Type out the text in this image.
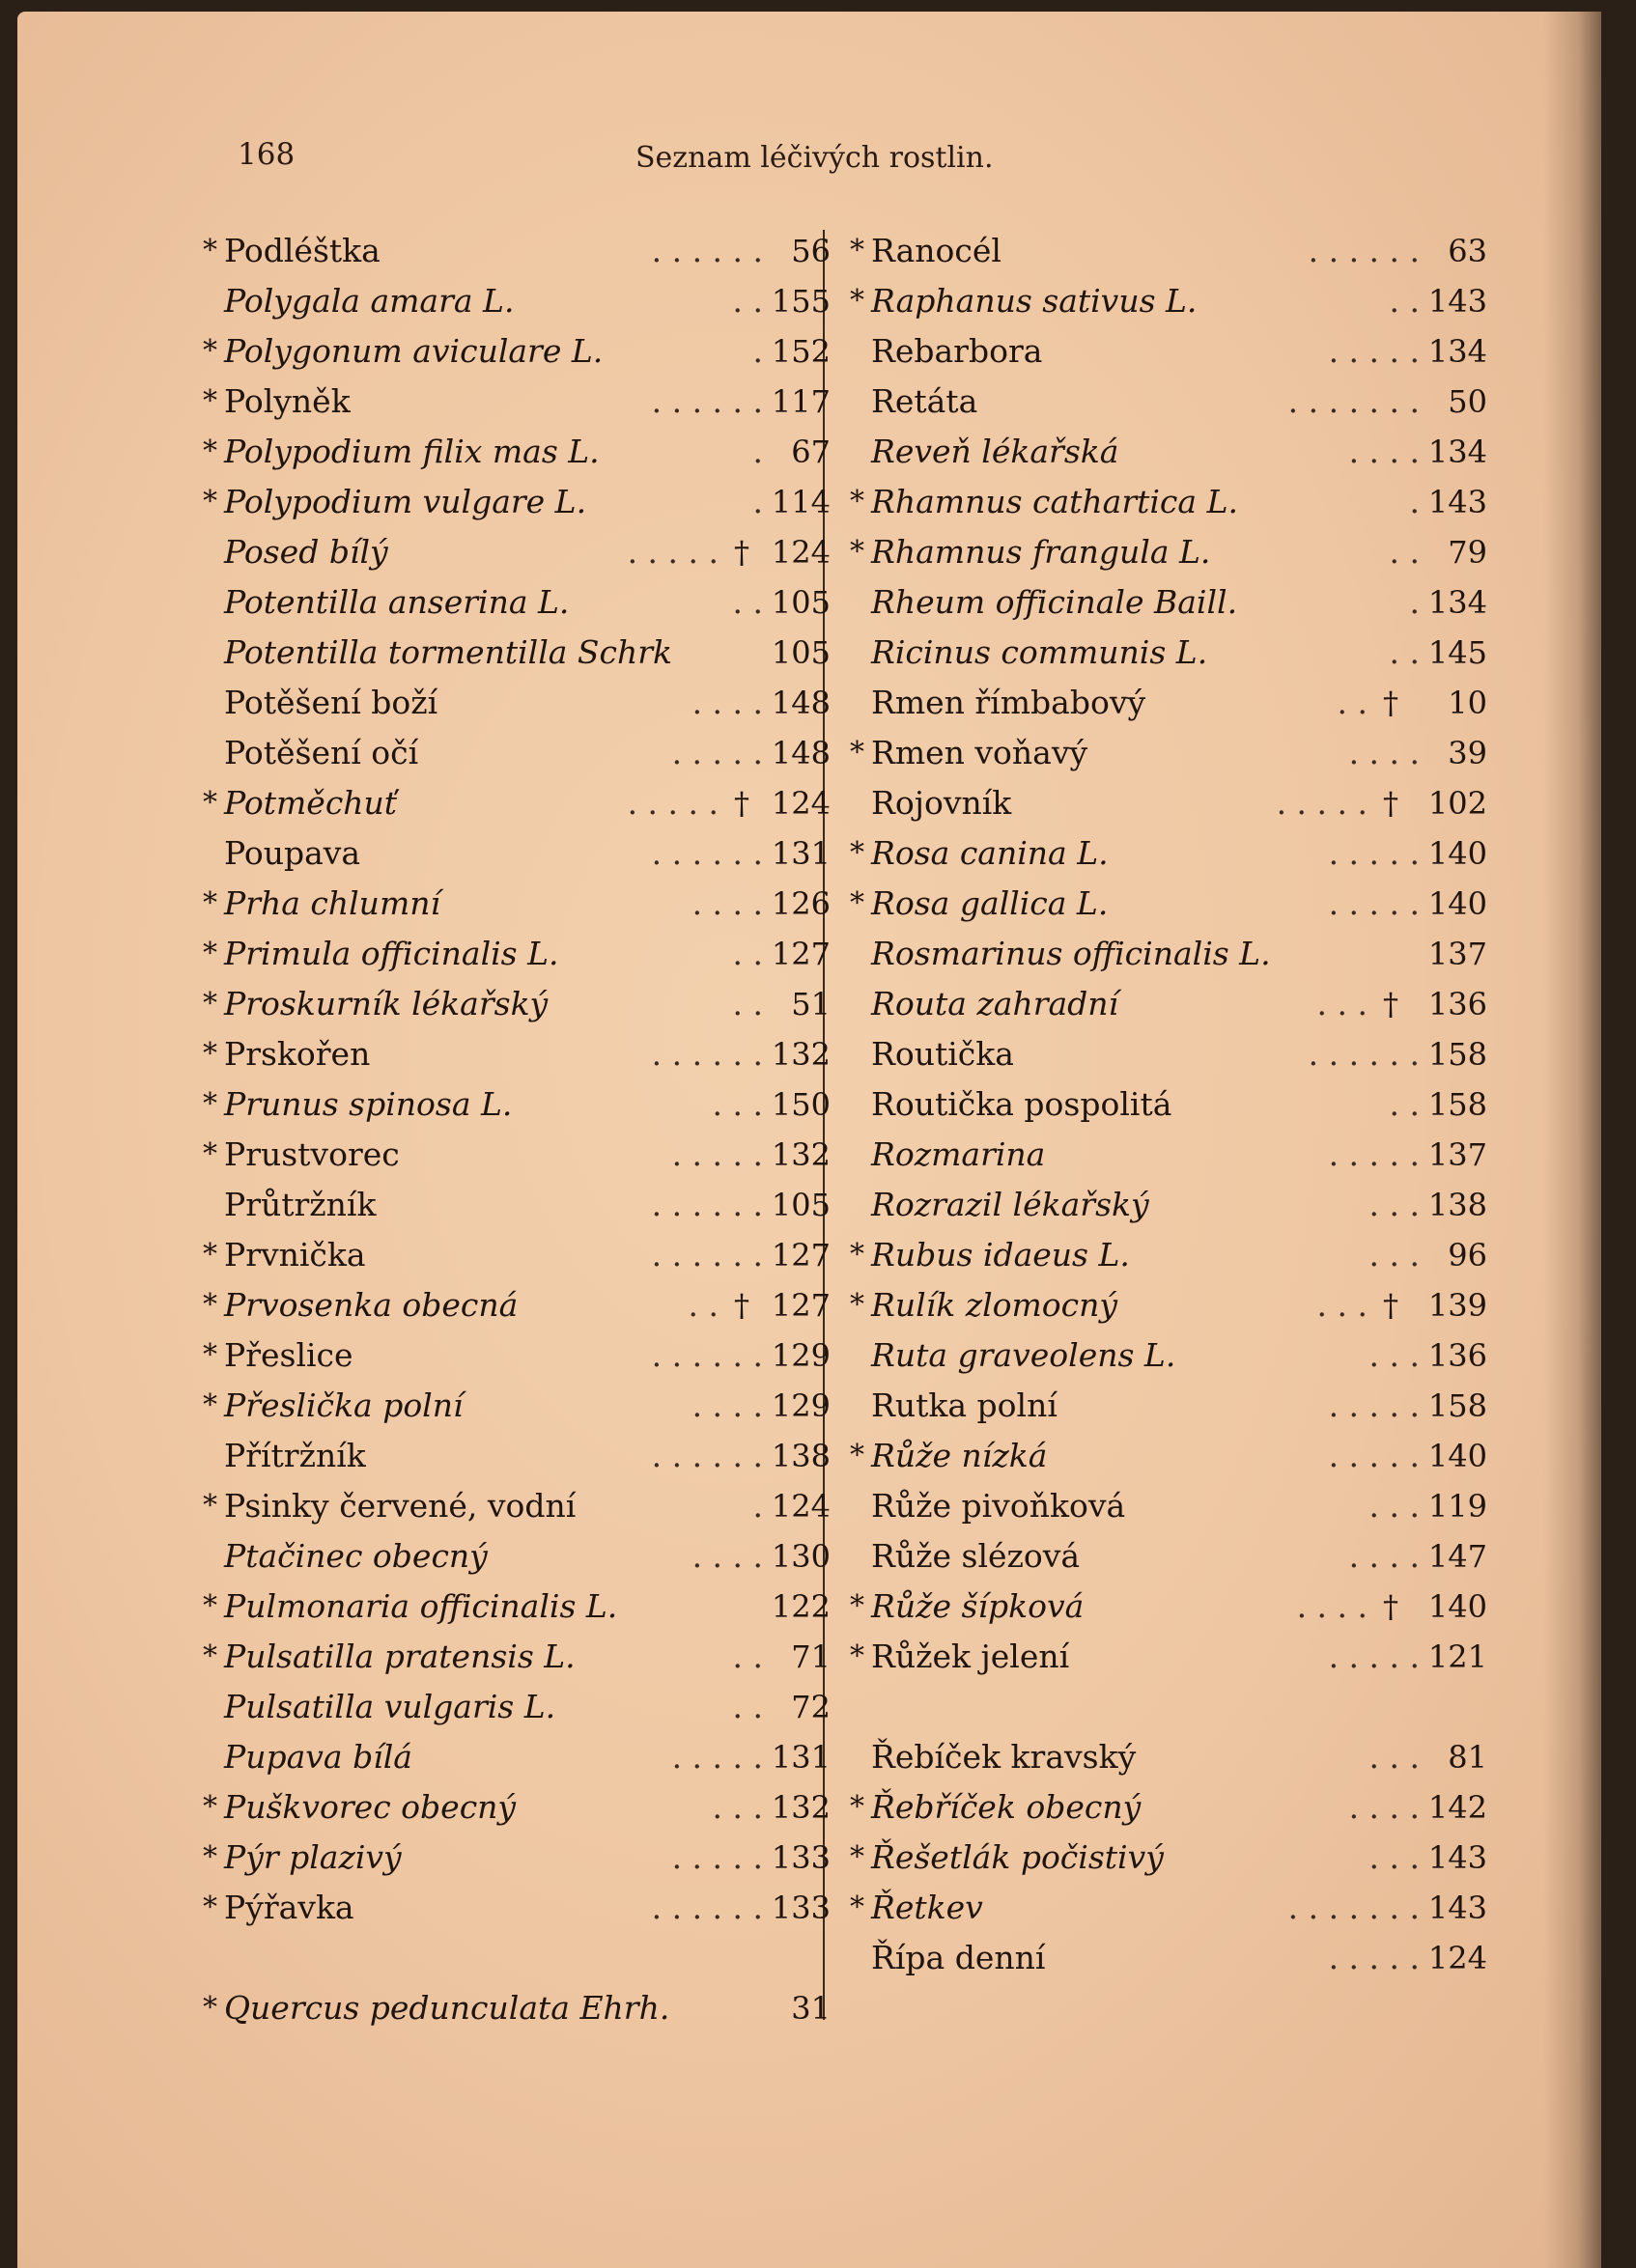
168	Seznam léčivých rostlin.
* Podléštka	. . . . . . 56
Polygala amara L.	. . 155
* Polygonum aviculare L.	. 152
* Polyněk	. . . . . . 117
* Polypodium filix mas L.	. 67
* Polypodium vulgare L.	. 114
Posed bílý	. . . . . † 124
Potentilla anserina L.	. . 105
Potentilla tormentilla Schrk	105
Potěšení boží	. . . . 148
Potěšení očí	. . . . . 148
* Potměchuť	. . . . . † 124
Poupava	. . . . . . 131
* Prha chlumní	. . . . 126
* Primula officinalis L.	. . 127
* Proskurník lékařský	. . 51
* Prskořen	. . . . . . 132
* Prunus spinosa L.	. . . 150
* Prustvorec	. . . . . 132
Průtržník	. . . . . . 105
* Prvnička	. . . . . . 127
* Prvosenka obecná	. . † 127
* Přeslice	. . . . . . 129
* Přeslička polní	. . . . 129
Přítržník	. . . . . . 138
* Psinky červené, vodní	. 124
Ptačinec obecný	. . . . 130
* Pulmonaria officinalis L.	122
* Pulsatilla pratensis L.	. . 71
Pulsatilla vulgaris L.	. . 72
Pupava bílá	. . . . . 131
* Puškvorec obecný	. . . 132
* Pýr plazivý	. . . . . 133
* Pýřavka	. . . . . . 133
* Quercus pedunculata Ehrh.	31
* Ranocél	. . . . . . 63
* Raphanus sativus L.	. . 143
Rebarbora	. . . . . 134
Retáta	. . . . . . . 50
Reveň lékařská	. . . . 134
* Rhamnus cathartica L.	. 143
* Rhamnus frangula L.	. . 79
Rheum officinale Baill.	. 134
Ricinus communis L.	. . 145
Rmen římbabový	. . † 10
* Rmen voňavý	. . . . 39
Rojovník	. . . . . † 102
* Rosa canina L.	. . . . . 140
* Rosa gallica L.	. . . . . 140
Rosmarinus officinalis L.	137
Routa zahradní	. . . † 136
Routička	. . . . . . 158
Routička pospolitá	. . 158
Rozmarina	. . . . . 137
Rozrazil lékařský	. . . 138
* Rubus idaeus L.	. . . 96
* Rulík zlomocný	. . . † 139
Ruta graveolens L.	. . . 136
Rutka polní	. . . . . 158
* Růže nízká	. . . . . 140
Růže pivoňková	. . . 119
Růže slézová	. . . . 147
* Růže šípková	. . . . † 140
* Růžek jelení	. . . . . 121
Řebíček kravský	. . . 81
* Řebříček obecný	. . . . 142
* Řešetlák počistivý	. . . 143
* Řetkev	. . . . . . . 143
Řípa denní	. . . . . 124
